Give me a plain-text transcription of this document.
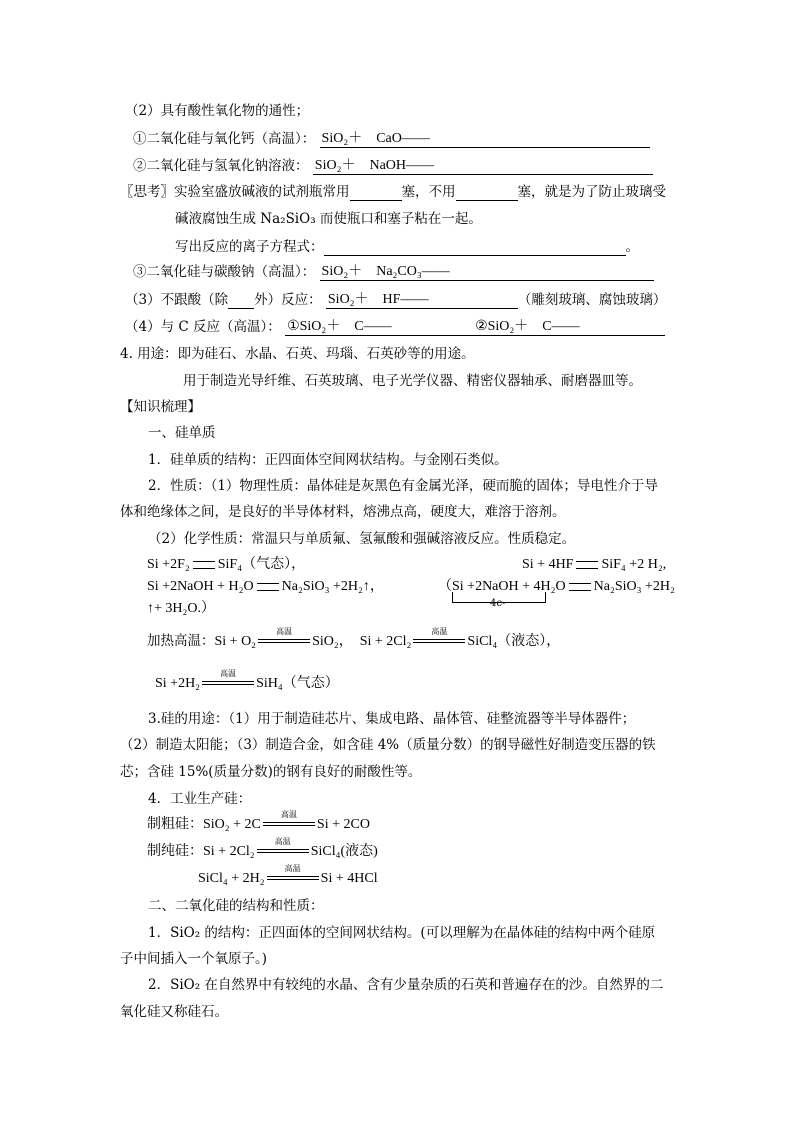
（2）具有酸性氧化物的通性；
①二氧化硅与氧化钙（高温）： SiO₂＋　CaO——
②二氧化硅与氢氧化钠溶液： SiO₂＋　NaOH——
〖思考〗实验室盛放碱液的试剂瓶常用	塞，不用	塞，就是为了防止玻璃受
碱液腐蚀生成 Na₂SiO₃ 而使瓶口和塞子粘在一起。
写出反应的离子方程式：	。
③二氧化硅与碳酸钠（高温）： SiO₂＋　Na₂CO₃——
（3）不跟酸（除 外）反应： SiO₂＋　HF——	（雕刻玻璃、腐蚀玻璃）
（4）与 C 反应（高温）： ①SiO₂＋　C——	②SiO₂＋　C——
4. 用途：即为硅石、水晶、石英、玛瑙、石英砂等的用途。
用于制造光导纤维、石英玻璃、电子光学仪器、精密仪器轴承、耐磨器皿等。
【知识梳理】
一、硅单质
1．硅单质的结构：正四面体空间网状结构。与金刚石类似。
2．性质：（1）物理性质：晶体硅是灰黑色有金属光泽，硬而脆的固体；导电性介于导
体和绝缘体之间，是良好的半导体材料，熔沸点高，硬度大，难溶于溶剂。
（2）化学性质：常温只与单质氟、氢氟酸和强碱溶液反应。性质稳定。
Si +2F₂ SiF₄（气态），	Si + 4HF SiF₄ +2 H₂,
Si +2NaOH + H₂O Na₂SiO₃ +2H₂↑，	（Si +2NaOH + 4H₂O Na₂SiO₃ +2H₂
4e-
↑+ 3H₂O.）
加热高温：Si + O₂
高温
SiO₂， Si + 2Cl₂
高温
SiCl₄（液态），
Si +2H₂
高温
SiH₄（气态）
3.硅的用途：（1）用于制造硅芯片、集成电路、晶体管、硅整流器等半导体器件；
（2）制造太阳能；（3）制造合金，如含硅 4%（质量分数）的钢导磁性好制造变压器的铁
芯；含硅 15%(质量分数)的钢有良好的耐酸性等。
4．工业生产硅：
制粗硅：SiO₂ + 2C
高温
Si + 2CO
制纯硅：Si + 2Cl₂
高温
SiCl₄(液态)
SiCl₄ + 2H₂
高温
Si + 4HCl
二、二氧化硅的结构和性质：
1．SiO₂ 的结构：正四面体的空间网状结构。(可以理解为在晶体硅的结构中两个硅原
子中间插入一个氧原子。)
2．SiO₂ 在自然界中有较纯的水晶、含有少量杂质的石英和普遍存在的沙。自然界的二
氧化硅又称硅石。
